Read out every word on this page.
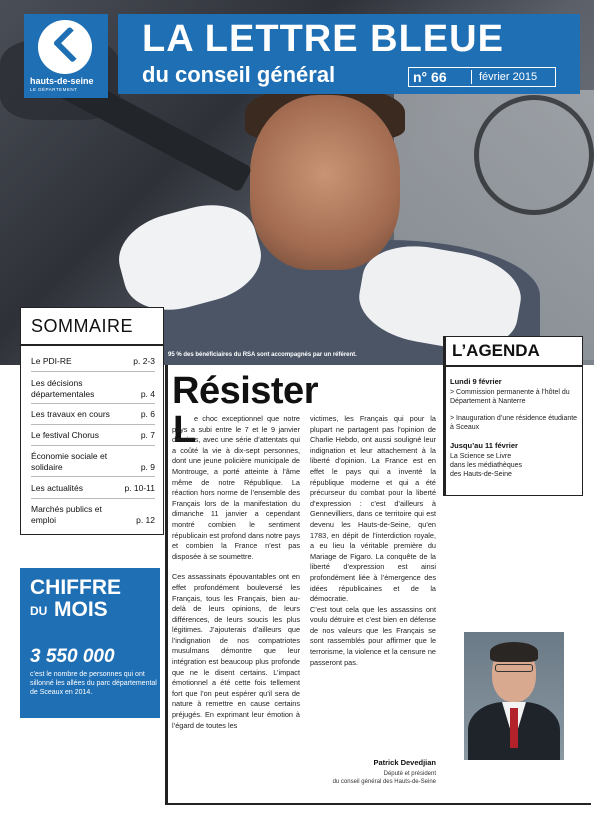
95 % des bénéficiaires du RSA sont accompagnés par un référent.
hauts-de-seine
LE DÉPARTEMENT
LA LETTRE BLEUE
du conseil général	n° 66	février 2015
SOMMAIRE
Le PDI-RE	p. 2-3
Les décisions départementales	p. 4
Les travaux en cours	p. 6
Le festival Chorus	p. 7
Économie sociale et solidaire	p. 9
Les actualités	p. 10-11
Marchés publics et emploi	p. 12
CHIFFRE
DU MOIS
3 550 000
c’est le nombre de personnes qui ont sillonné les allées du parc départemental de Sceaux en 2014.
Résister
L

e choc exceptionnel que notre pays a subi entre le 7 et le 9 janvier derniers, avec une série d’attentats qui a coûté la vie à dix-sept personnes, dont une jeune policière municipale de Montrouge, a porté atteinte à l’âme même de notre République. La réaction hors norme de l’ensemble des Français lors de la manifestation du dimanche 11 janvier a cependant montré combien le sentiment républicain est profond dans notre pays et combien la France n’est pas disposée à se soumettre.

Ces assassinats épouvantables ont en effet profondément bouleversé les Français, tous les Français, bien au-delà de leurs opinions, de leurs différences, de leurs soucis les plus légitimes. J’ajouterais d’ailleurs que l’indignation de nos compatriotes musulmans démontre que leur intégration est beaucoup plus profonde que ne le disent certains. L’impact émotionnel a été cette fois tellement fort que l’on peut espérer qu’il sera de nature à remettre en cause certains préjugés. En exprimant leur émotion à l’égard de toutes les

victimes, les Français qui pour la plupart ne partagent pas l’opinion de Charlie Hebdo, ont aussi souligné leur indignation et leur attachement à la liberté d’opinion. La France est en effet le pays qui a inventé la république moderne et qui a été précurseur du combat pour la liberté d’expression : c’est d’ailleurs à Gennevilliers, dans ce territoire qui est devenu les Hauts-de-Seine, qu’en 1783, en dépit de l’interdiction royale, a eu lieu la véritable première du Mariage de Figaro. La conquête de la liberté d’expression est ainsi profondément liée à l’émergence des idées républicaines et de la démocratie.

C’est tout cela que les assassins ont voulu détruire et c’est bien en défense de nos valeurs que les Français se sont rassemblés pour affirmer que le terrorisme, la violence et la censure ne passeront pas.

Patrick Devedjian
Député et président
du conseil général des Hauts-de-Seine
L’AGENDA
Lundi 9 février
> Commission permanente à l’hôtel du Département à Nanterre
> Inauguration d’une résidence étudiante à Sceaux
Jusqu’au 11 février
La Science se Livre
dans les médiathèques
des Hauts-de-Seine
